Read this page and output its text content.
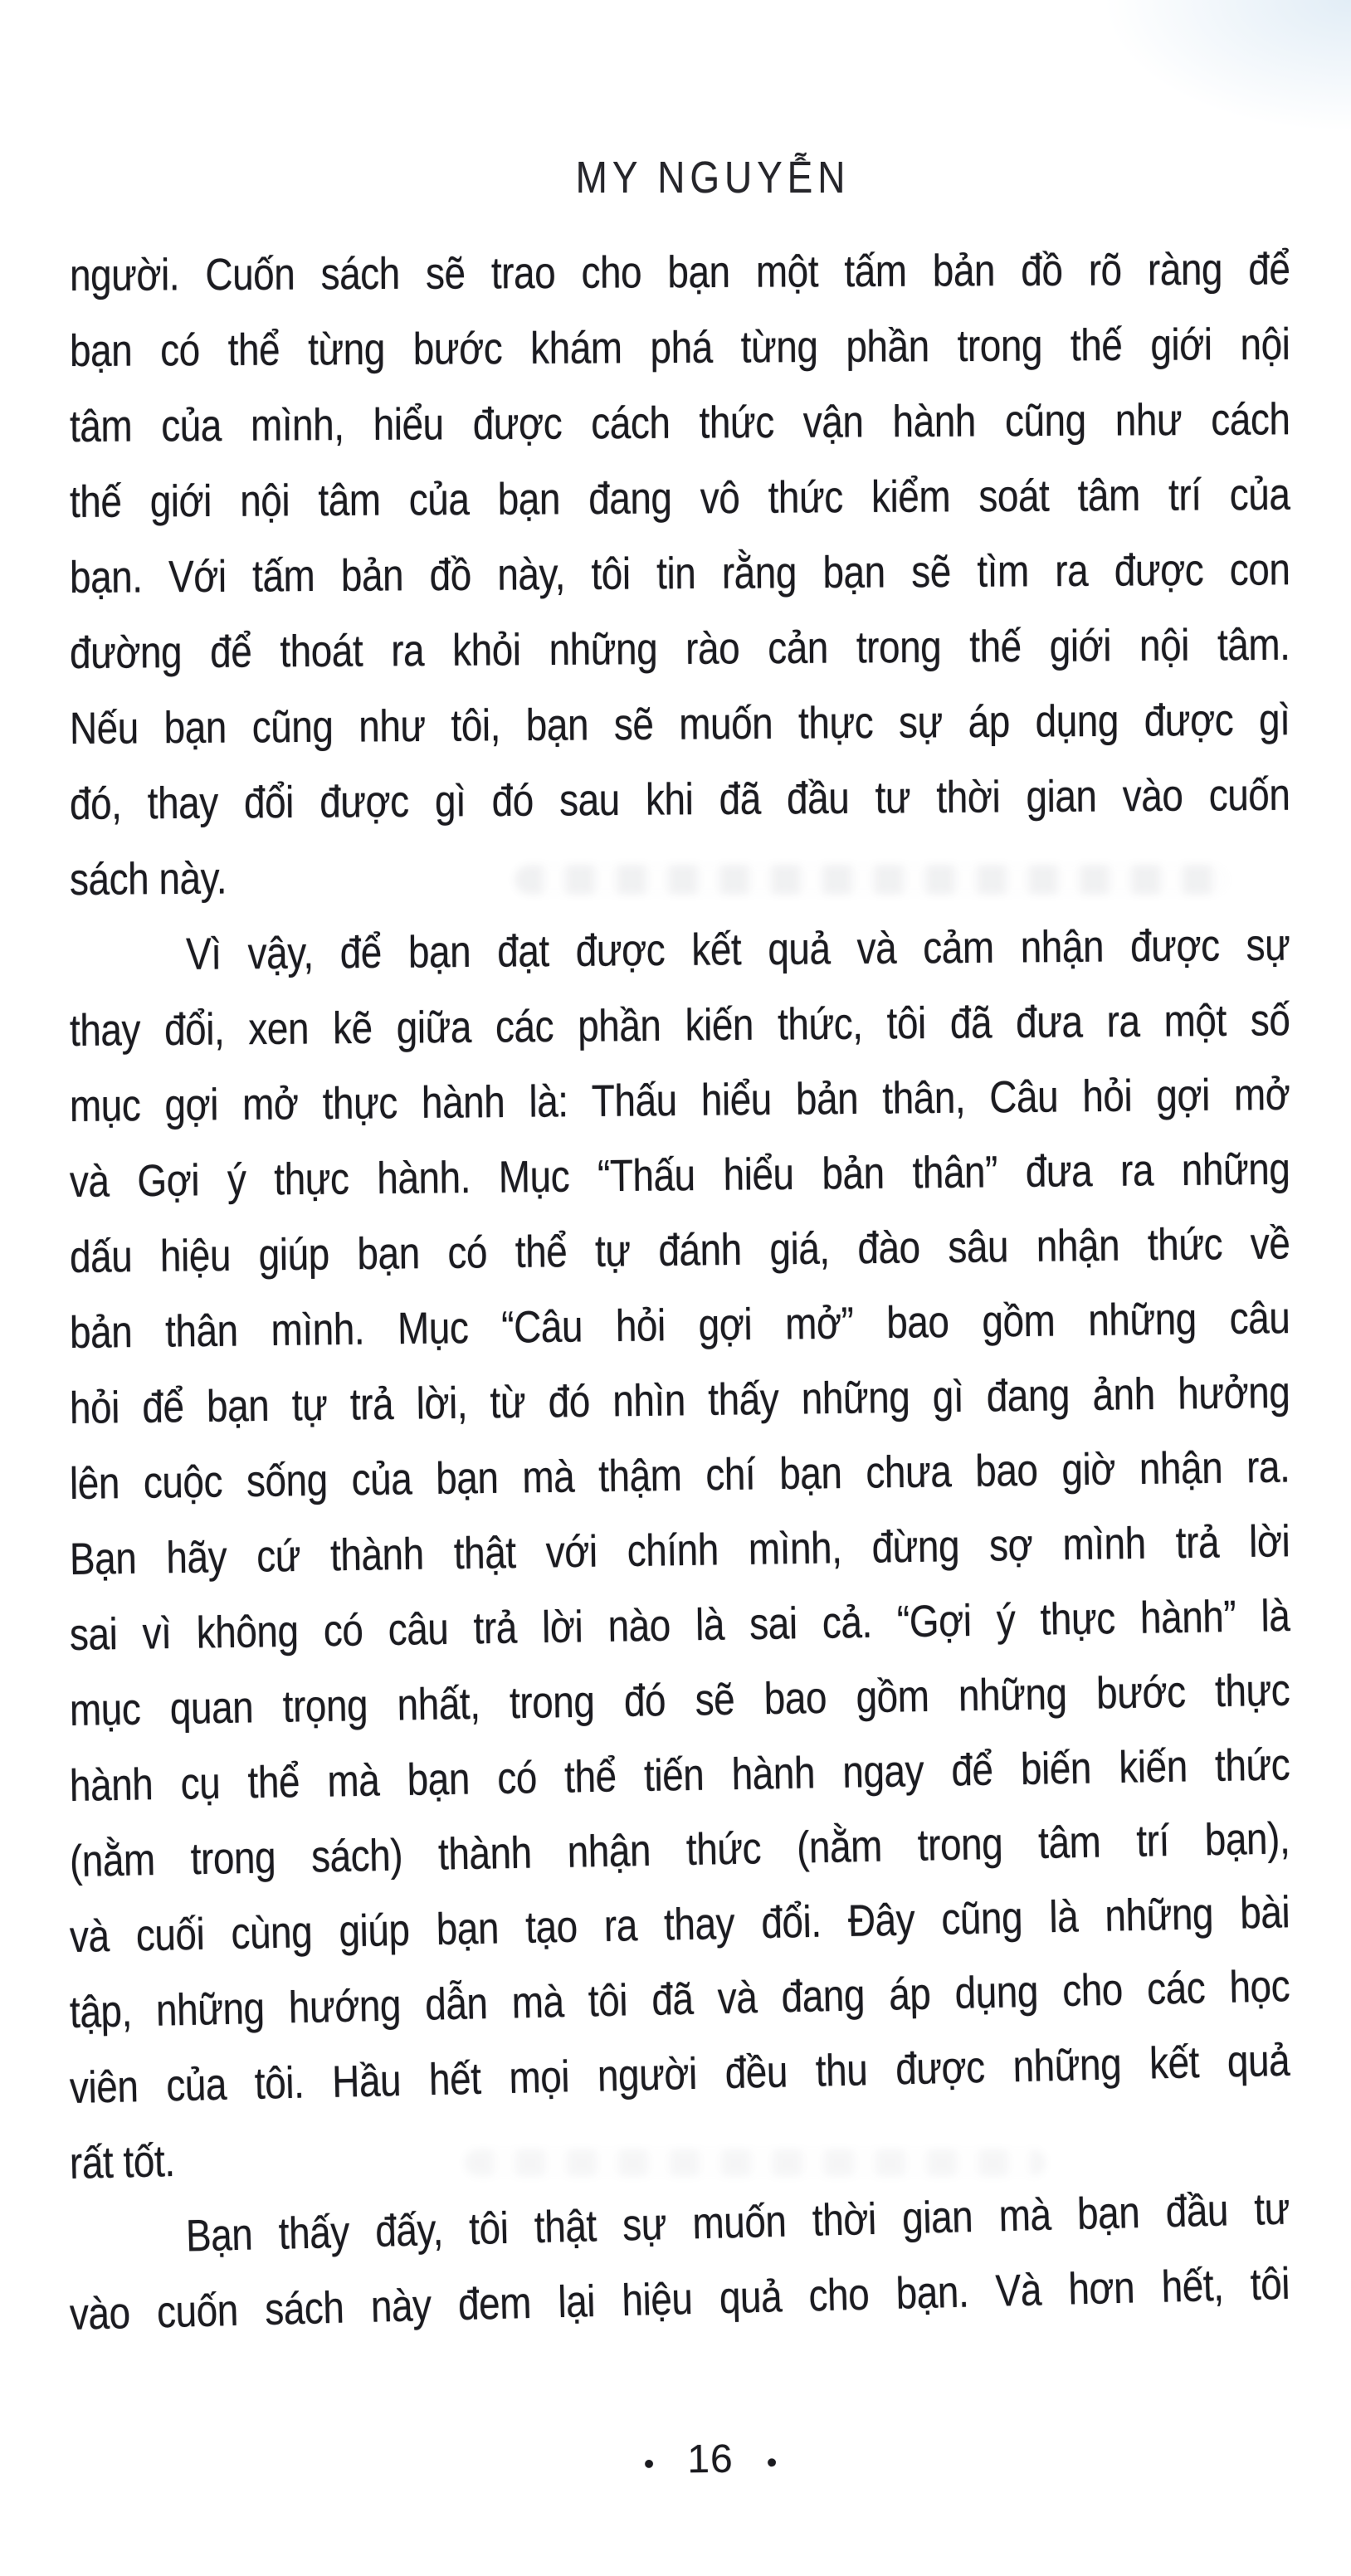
MY NGUYỄN
người. Cuốn sách sẽ trao cho bạn một tấm bản đồ rõ ràng để
bạn có thể từng bước khám phá từng phần trong thế giới nội
tâm của mình, hiểu được cách thức vận hành cũng như cách
thế giới nội tâm của bạn đang vô thức kiểm soát tâm trí của
bạn. Với tấm bản đồ này, tôi tin rằng bạn sẽ tìm ra được con
đường để thoát ra khỏi những rào cản trong thế giới nội tâm.
Nếu bạn cũng như tôi, bạn sẽ muốn thực sự áp dụng được gì
đó, thay đổi được gì đó sau khi đã đầu tư thời gian vào cuốn
sách này.
Vì vậy, để bạn đạt được kết quả và cảm nhận được sự
thay đổi, xen kẽ giữa các phần kiến thức, tôi đã đưa ra một số
mục gợi mở thực hành là: Thấu hiểu bản thân, Câu hỏi gợi mở
và Gợi ý thực hành. Mục “Thấu hiểu bản thân” đưa ra những
dấu hiệu giúp bạn có thể tự đánh giá, đào sâu nhận thức về
bản thân mình. Mục “Câu hỏi gợi mở” bao gồm những câu
hỏi để bạn tự trả lời, từ đó nhìn thấy những gì đang ảnh hưởng
lên cuộc sống của bạn mà thậm chí bạn chưa bao giờ nhận ra.
Bạn hãy cứ thành thật với chính mình, đừng sợ mình trả lời
sai vì không có câu trả lời nào là sai cả. “Gợi ý thực hành” là
mục quan trọng nhất, trong đó sẽ bao gồm những bước thực
hành cụ thể mà bạn có thể tiến hành ngay để biến kiến thức
(nằm trong sách) thành nhận thức (nằm trong tâm trí bạn),
và cuối cùng giúp bạn tạo ra thay đổi. Đây cũng là những bài
tập, những hướng dẫn mà tôi đã và đang áp dụng cho các học
viên của tôi. Hầu hết mọi người đều thu được những kết quả
rất tốt.
Bạn thấy đấy, tôi thật sự muốn thời gian mà bạn đầu tư
vào cuốn sách này đem lại hiệu quả cho bạn. Và hơn hết, tôi
• 16 •
